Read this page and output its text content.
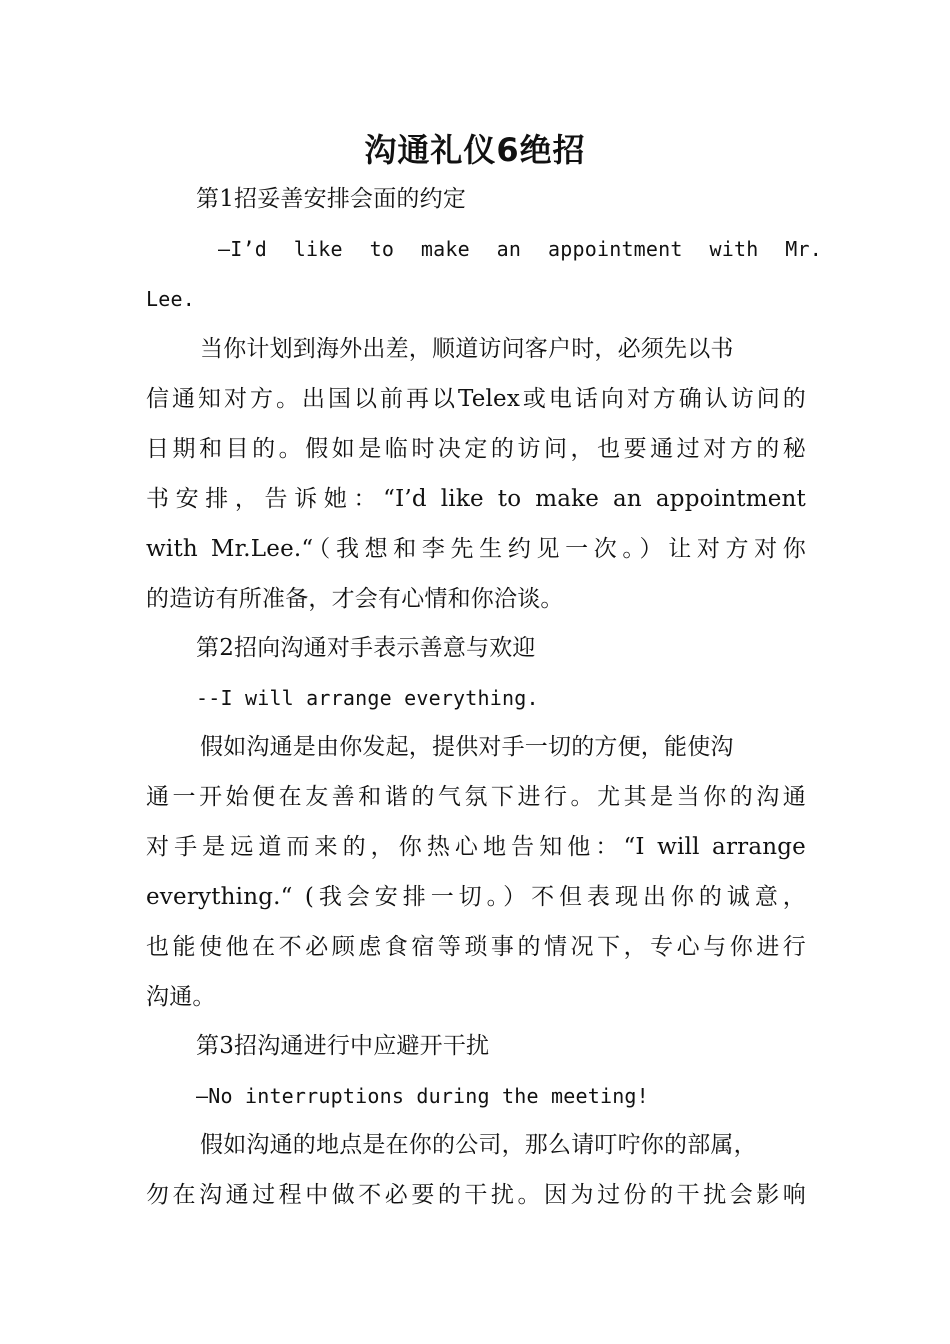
沟通礼仪6绝招
第1招妥善安排会面的约定
—I’d like to make an appointment with Mr.
Lee.
当你计划到海外出差，顺道访问客户时，必须先以书
信通知对方。出国以前再以Telex或电话向对方确认访问的
日期和目的。假如是临时决定的访问，也要通过对方的秘
书安排，告诉她：“I’d like to make an appointment
with Mr.Lee.“（我想和李先生约见一次。）让对方对你
的造访有所准备，才会有心情和你洽谈。
第2招向沟通对手表示善意与欢迎
--I will arrange everything.
假如沟通是由你发起，提供对手一切的方便，能使沟
通一开始便在友善和谐的气氛下进行。尤其是当你的沟通
对手是远道而来的，你热心地告知他：“I will arrange
everything.“ (我会安排一切。）不但表现出你的诚意，
也能使他在不必顾虑食宿等琐事的情况下，专心与你进行
沟通。
第3招沟通进行中应避开干扰
—No interruptions during the meeting!
假如沟通的地点是在你的公司，那么请叮咛你的部属，
勿在沟通过程中做不必要的干扰。因为过份的干扰会影响
